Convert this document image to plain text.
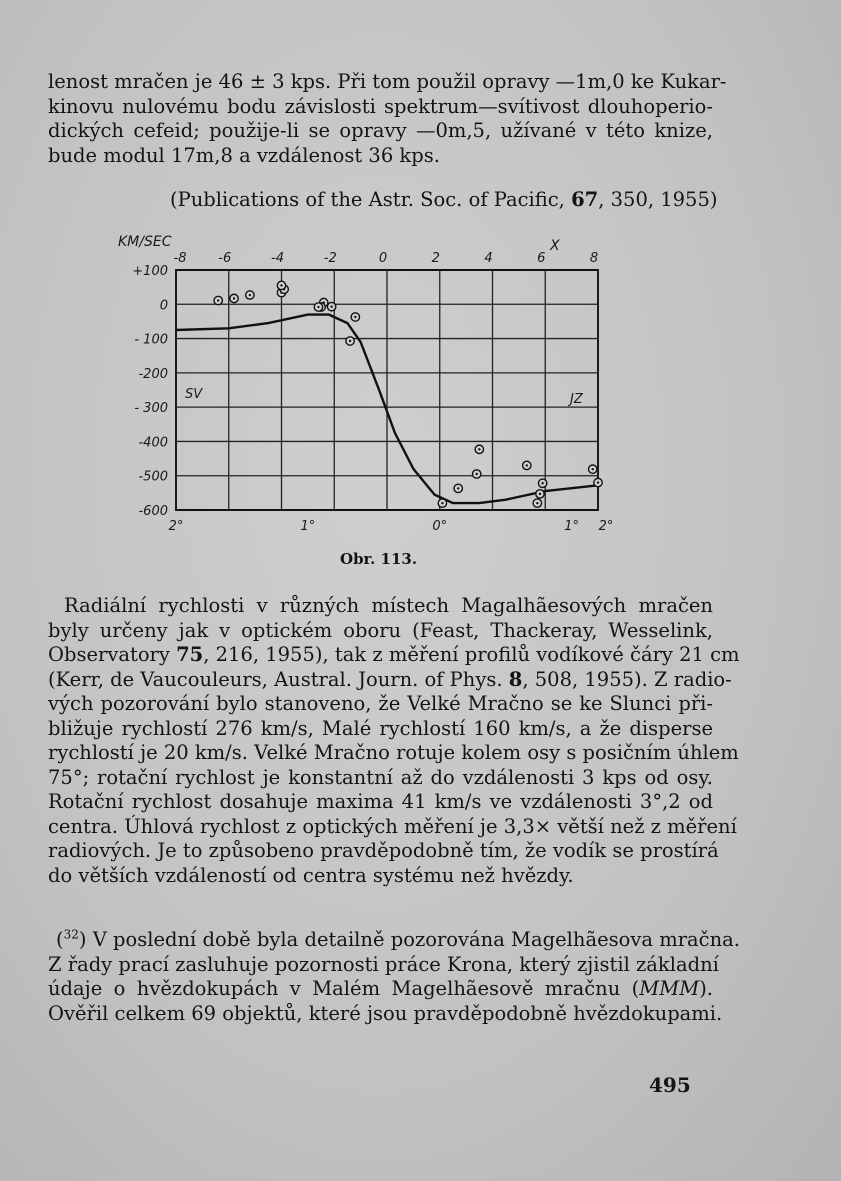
lenost mračen je 46 ± 3 kps. Při tom použil opravy —1m,0 ke Kukar-
kinovu nulovému bodu závislosti spektrum—svítivost dlouhoperio-
dických cefeid; použije-li se opravy —0m,5, užívané v této knize,
bude modul 17m,8 a vzdálenost 36 kps.
(Publications of the Astr. Soc. of Pacific, 67, 350, 1955)
KM/SEC	X
SV	JZ
-8 -6	-4	-2	0	2	4	6	8
+100
0
- 100
-200
- 300
-400
-500
-600
2°	1°	0°	1° 2°
Obr. 113.
Radiální rychlosti v různých místech Magalhãesových mračen
byly určeny jak v optickém oboru (Feast, Thackeray, Wesselink,
Observatory 75, 216, 1955), tak z měření profilů vodíkové čáry 21 cm
(Kerr, de Vaucouleurs, Austral. Journ. of Phys. 8, 508, 1955). Z radio-
vých pozorování bylo stanoveno, že Velké Mračno se ke Slunci při-
bližuje rychlostí 276 km/s, Malé rychlostí 160 km/s, a že disperse
rychlostí je 20 km/s. Velké Mračno rotuje kolem osy s posičním úhlem
75°; rotační rychlost je konstantní až do vzdálenosti 3 kps od osy.
Rotační rychlost dosahuje maxima 41 km/s ve vzdálenosti 3°,2 od
centra. Úhlová rychlost z optických měření je 3,3× větší než z měření
radiových. Je to způsobeno pravděpodobně tím, že vodík se prostírá
do větších vzdáleností od centra systému než hvězdy.
($^{32}$) V poslední době byla detailně pozorována Magelhãesova mračna.
Z řady prací zasluhuje pozornosti práce Krona, který zjistil základní
údaje o hvězdokupách v Malém Magelhãesově mračnu (MMM).
Ověřil celkem 69 objektů, které jsou pravděpodobně hvězdokupami.
495
